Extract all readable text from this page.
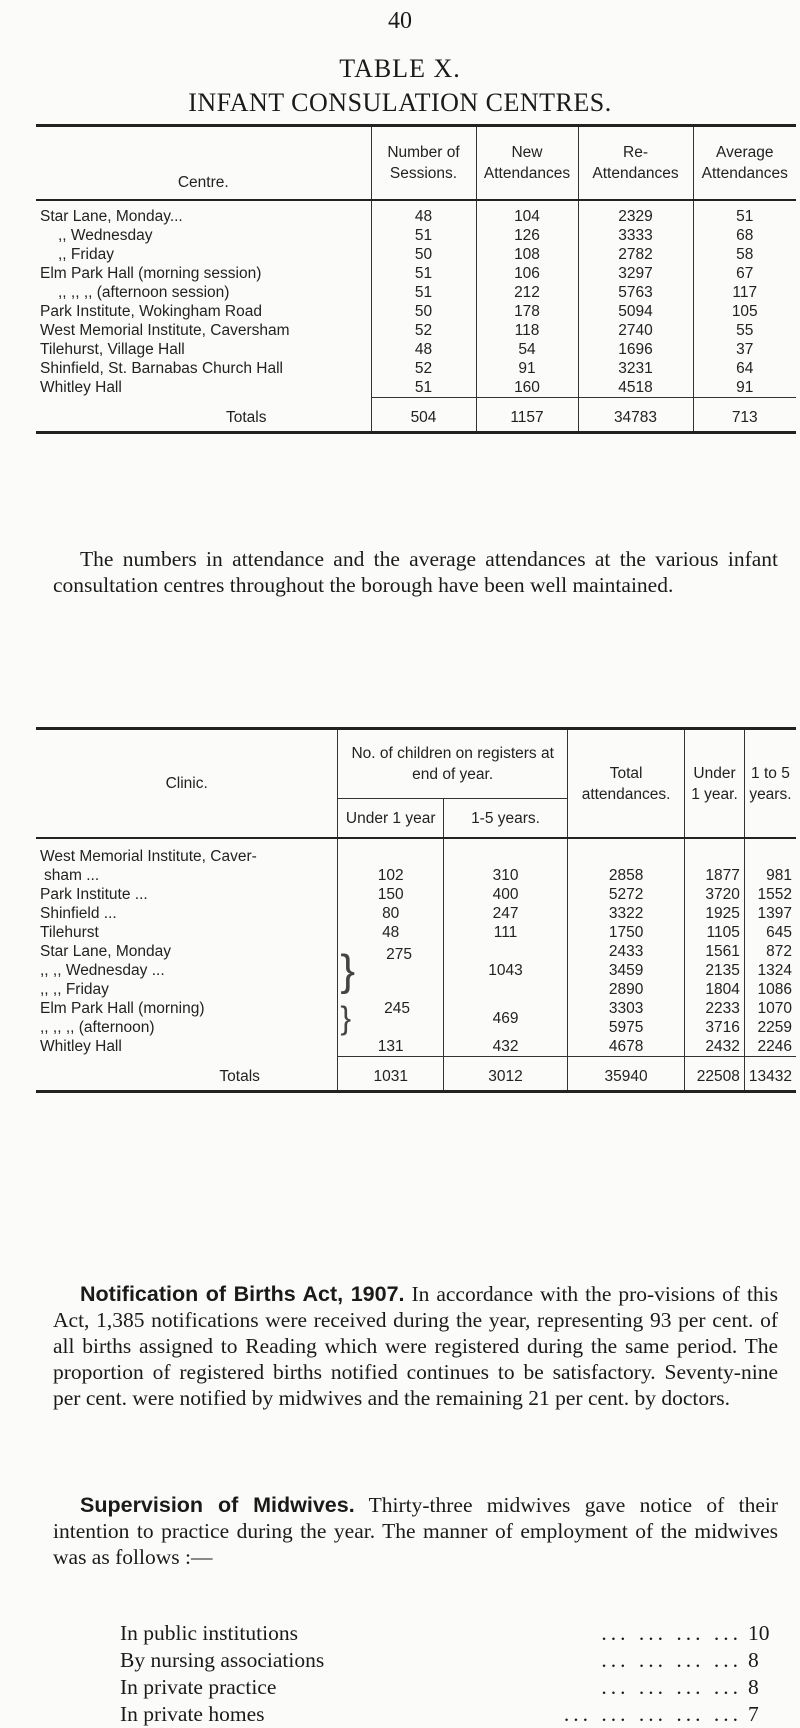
40
TABLE X.
INFANT CONSULATION CENTRES.
Centre.	Number of Sessions.	New Attendances	Re- Attendances	Average Attendances
Star Lane, Monday...	48	104	2329	51
,, Wednesday	51	126	3333	68
,, Friday	50	108	2782	58
Elm Park Hall (morning session)	51	106	3297	67
,, ,, ,, (afternoon session)	51	212	5763	117
Park Institute, Wokingham Road	50	178	5094	105
West Memorial Institute, Caversham	52	118	2740	55
Tilehurst, Village Hall	48	54	1696	37
Shinfield, St. Barnabas Church Hall	52	91	3231	64
Whitley Hall	51	160	4518	91
Totals	504	1157	34783	713

The numbers in attendance and the average attendances at the various infant consultation centres throughout the borough have been well maintained.

Clinic.	No. of children on registers at end of year.		Total attendances.	Under 1 year.	1 to 5 years.
	Under 1 year	1-5 years.			
West Memorial Institute, Caver-					
sham ...	102	310	2858	1877	981
Park Institute ...	150	400	5272	3720	1552
Shinfield ...	80	247	3322	1925	1397
Tilehurst	48	111	1750	1105	645
Star Lane, Monday	} 275	1043	2433	1561	872
,, ,, Wednesday ...			3459	2135	1324
,, ,, Friday			2890	1804	1086
Elm Park Hall (morning)	} 245	469	3303	2233	1070
,, ,, ,, (afternoon)			5975	3716	2259
Whitley Hall	131	432	4678	2432	2246
Totals	1031	3012	35940	22508	13432

Notification of Births Act, 1907. In accordance with the pro-visions of this Act, 1,385 notifications were received during the year, representing 93 per cent. of all births assigned to Reading which were registered during the same period. The proportion of registered births notified continues to be satisfactory. Seventy-nine per cent. were notified by midwives and the remaining 21 per cent. by doctors.

Supervision of Midwives. Thirty-three midwives gave notice of their intention to practice during the year. The manner of employment of the midwives was as follows :—

In public institutions	... ... ... ... 10
By nursing associations	... ... ... ... 8
In private practice	... ... ... ... 8
In private homes	... ... ... ... ... 7
